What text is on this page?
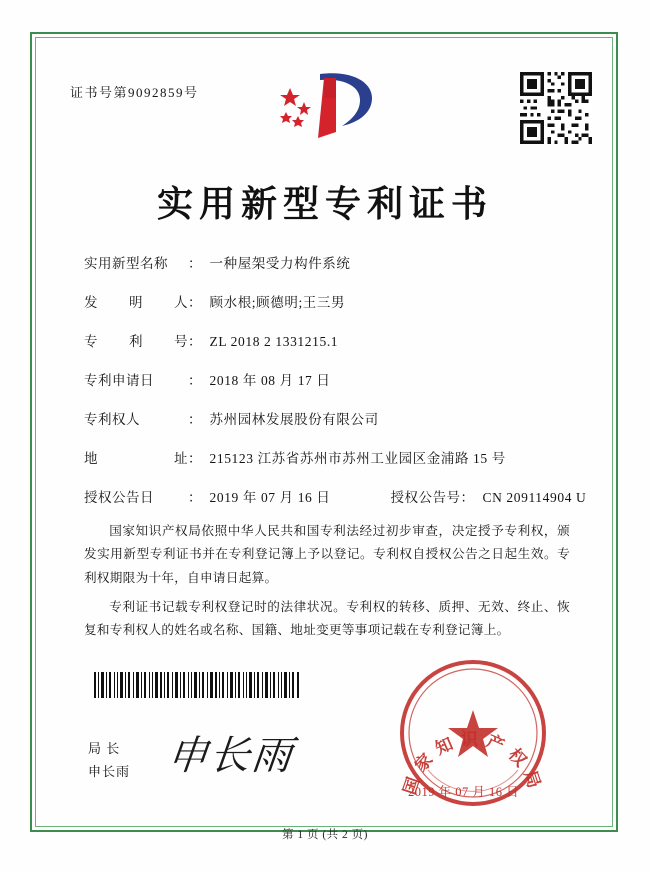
证书号第9092859号
实用新型专利证书
实用新型名称	： 一种屋架受力构件系统
发 明 人 ： 顾水根;顾德明;王三男
专 利 号 ： ZL 2018 2 1331215.1
专利申请日	： 2018 年 08 月 17 日
专利权人	： 苏州园林发展股份有限公司
地	址 ： 215123 江苏省苏州市苏州工业园区金浦路 15 号
授权公告日	： 2019 年 07 月 16 日	授权公告号： CN 209114904 U

国家知识产权局依照中华人民共和国专利法经过初步审查，决定授予专利权，颁发实用新型专利证书并在专利登记簿上予以登记。专利权自授权公告之日起生效。专利权期限为十年，自申请日起算。

专利证书记载专利权登记时的法律状况。专利权的转移、质押、无效、终止、恢复和专利权人的姓名或名称、国籍、地址变更等事项记载在专利登记簿上。

局 长
申长雨 申长雨
国家知识产权局
2019 年 07 月 16 日
第 1 页 (共 2 页)
